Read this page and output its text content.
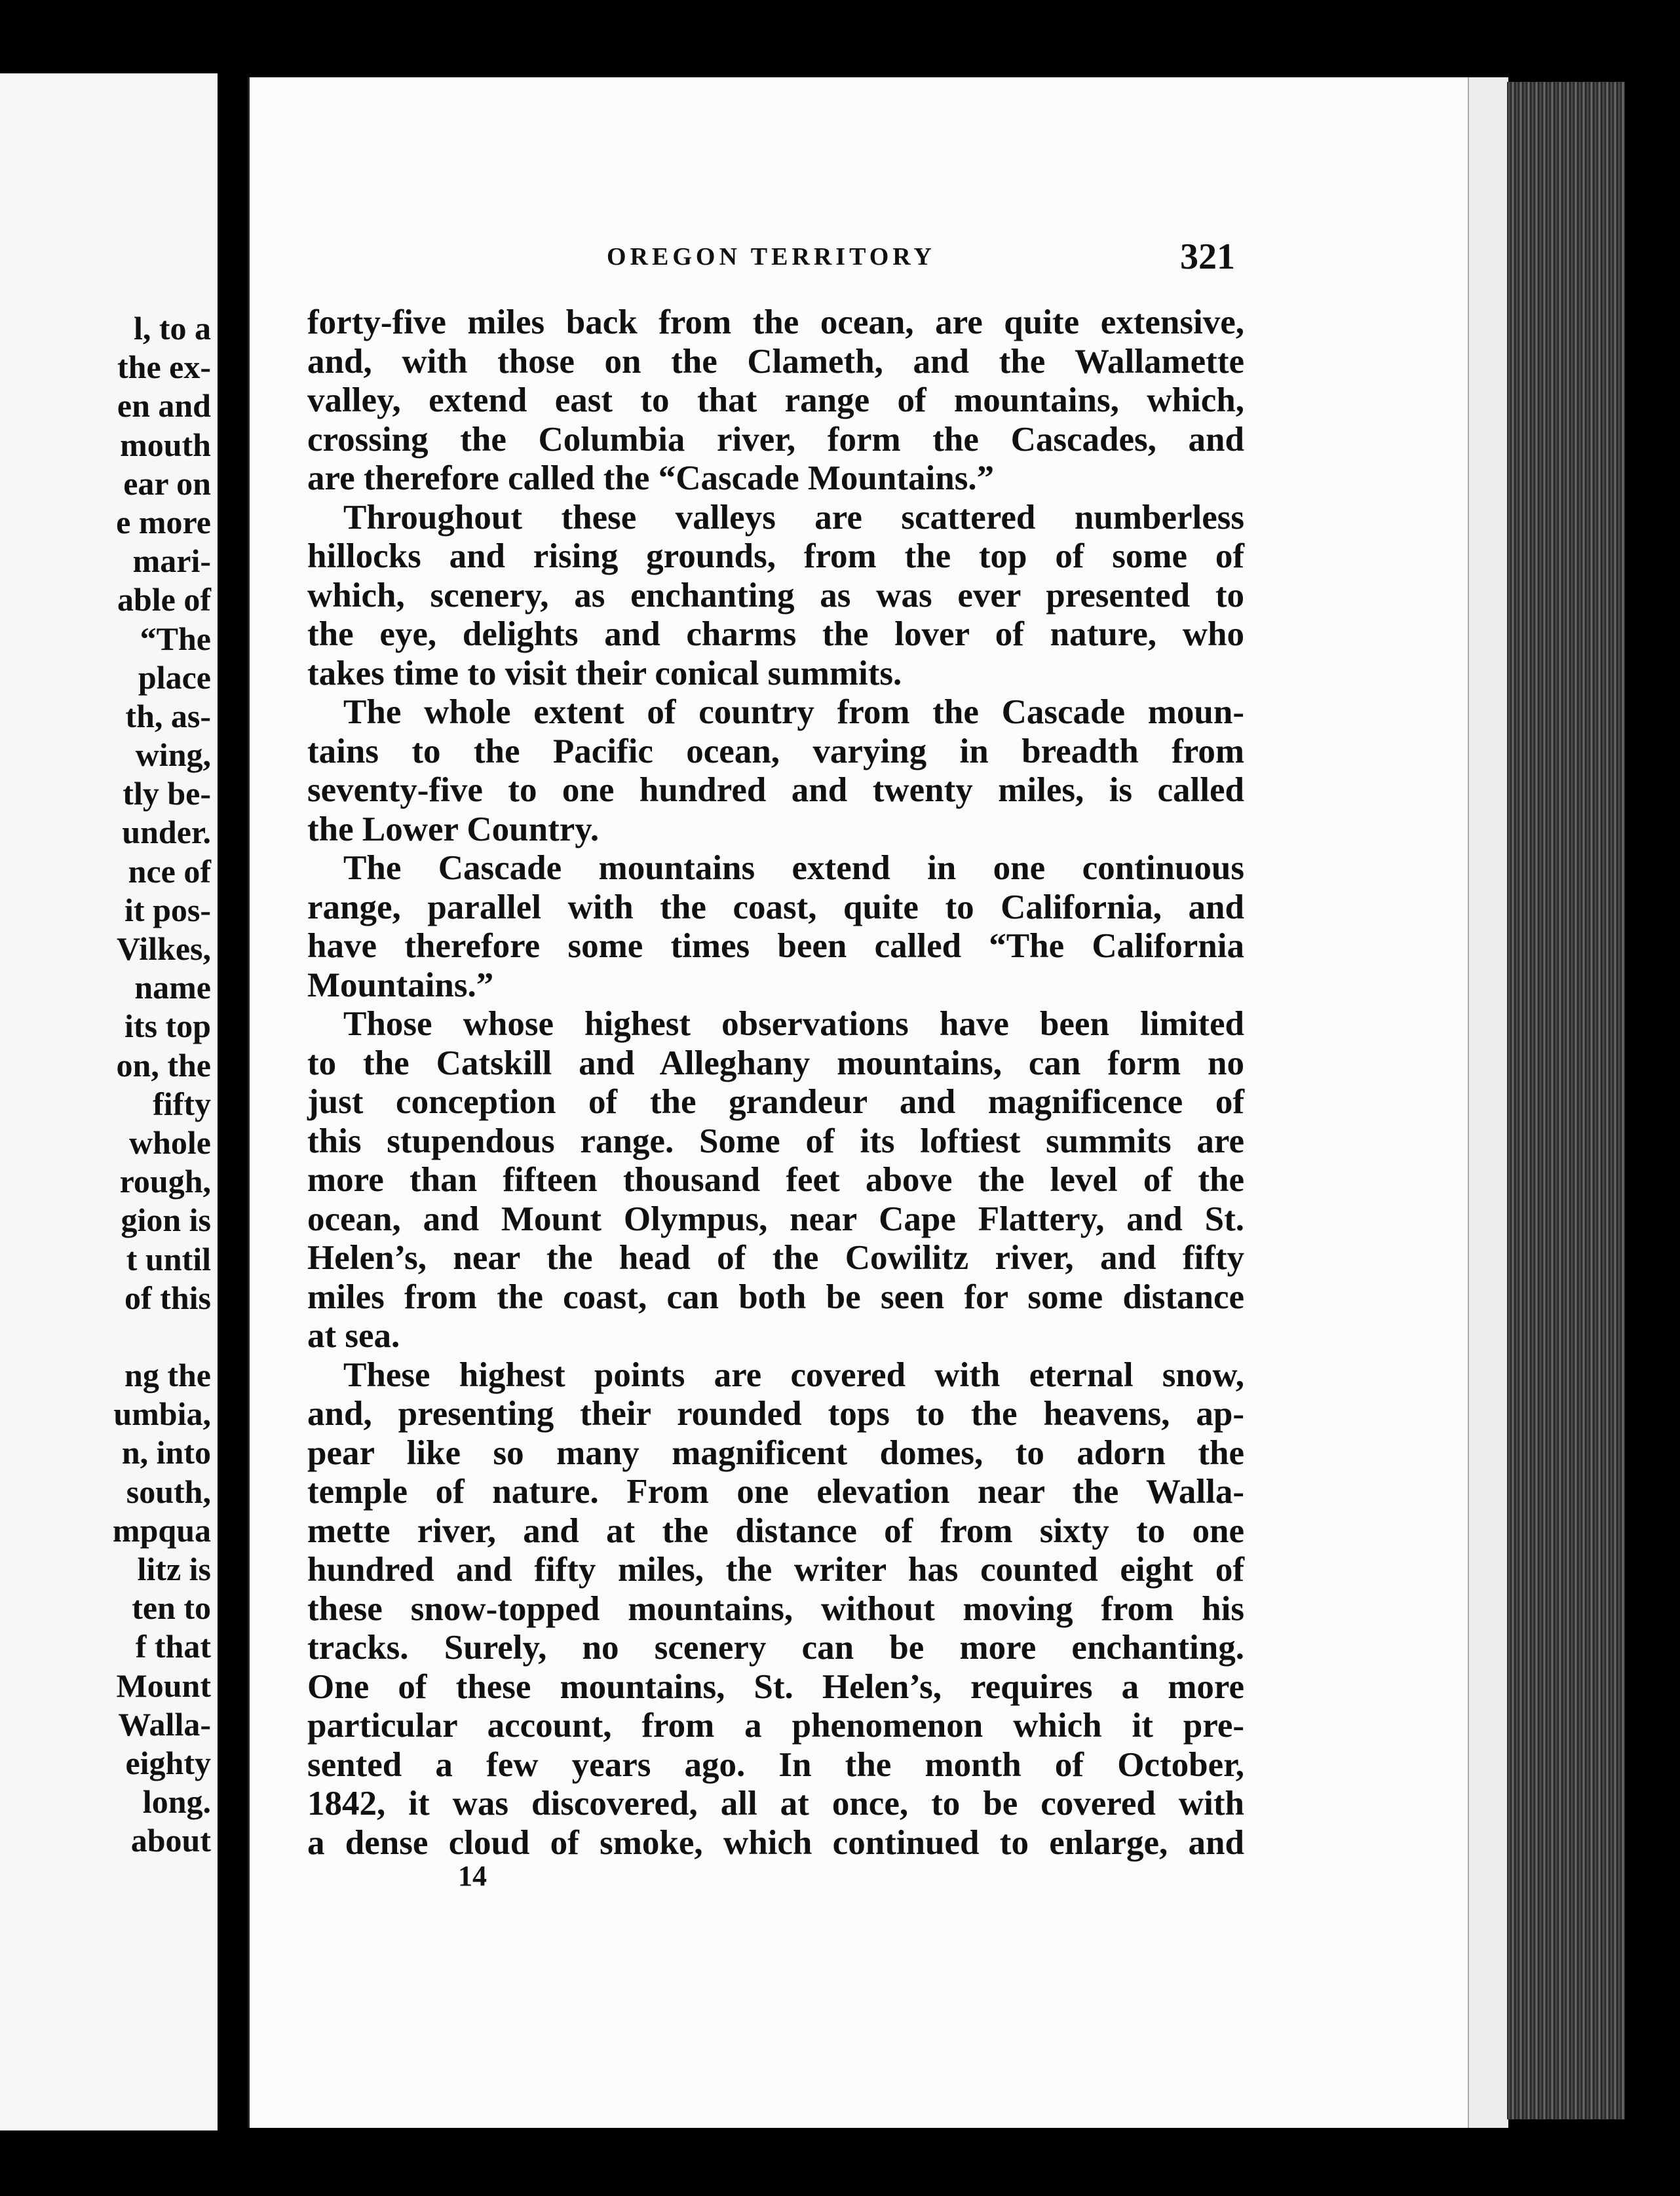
l, to a
the ex-
en and
mouth
ear on
e more
mari-
able of
“The
place
th, as-
wing,
tly be-
under.
nce of
it pos-
Vilkes,
name
its top
on, the
fifty
whole
rough,
gion is
t until
of this
ng the
umbia,
n, into
south,
mpqua
litz is
ten to
f that
Mount
Walla-
eighty
long.
about
OREGON TERRITORY	321
forty-five miles back from the ocean, are quite extensive,
and, with those on the Clameth, and the Wallamette
valley, extend east to that range of mountains, which,
crossing the Columbia river, form the Cascades, and
are therefore called the “Cascade Mountains.”
Throughout these valleys are scattered numberless
hillocks and rising grounds, from the top of some of
which, scenery, as enchanting as was ever presented to
the eye, delights and charms the lover of nature, who
takes time to visit their conical summits.
The whole extent of country from the Cascade moun-
tains to the Pacific ocean, varying in breadth from
seventy-five to one hundred and twenty miles, is called
the Lower Country.
The Cascade mountains extend in one continuous
range, parallel with the coast, quite to California, and
have therefore some times been called “The California
Mountains.”
Those whose highest observations have been limited
to the Catskill and Alleghany mountains, can form no
just conception of the grandeur and magnificence of
this stupendous range. Some of its loftiest summits are
more than fifteen thousand feet above the level of the
ocean, and Mount Olympus, near Cape Flattery, and St.
Helen’s, near the head of the Cowilitz river, and fifty
miles from the coast, can both be seen for some distance
at sea.
These highest points are covered with eternal snow,
and, presenting their rounded tops to the heavens, ap-
pear like so many magnificent domes, to adorn the
temple of nature. From one elevation near the Walla-
mette river, and at the distance of from sixty to one
hundred and fifty miles, the writer has counted eight of
these snow-topped mountains, without moving from his
tracks. Surely, no scenery can be more enchanting.
One of these mountains, St. Helen’s, requires a more
particular account, from a phenomenon which it pre-
sented a few years ago. In the month of October,
1842, it was discovered, all at once, to be covered with
a dense cloud of smoke, which continued to enlarge, and
14
